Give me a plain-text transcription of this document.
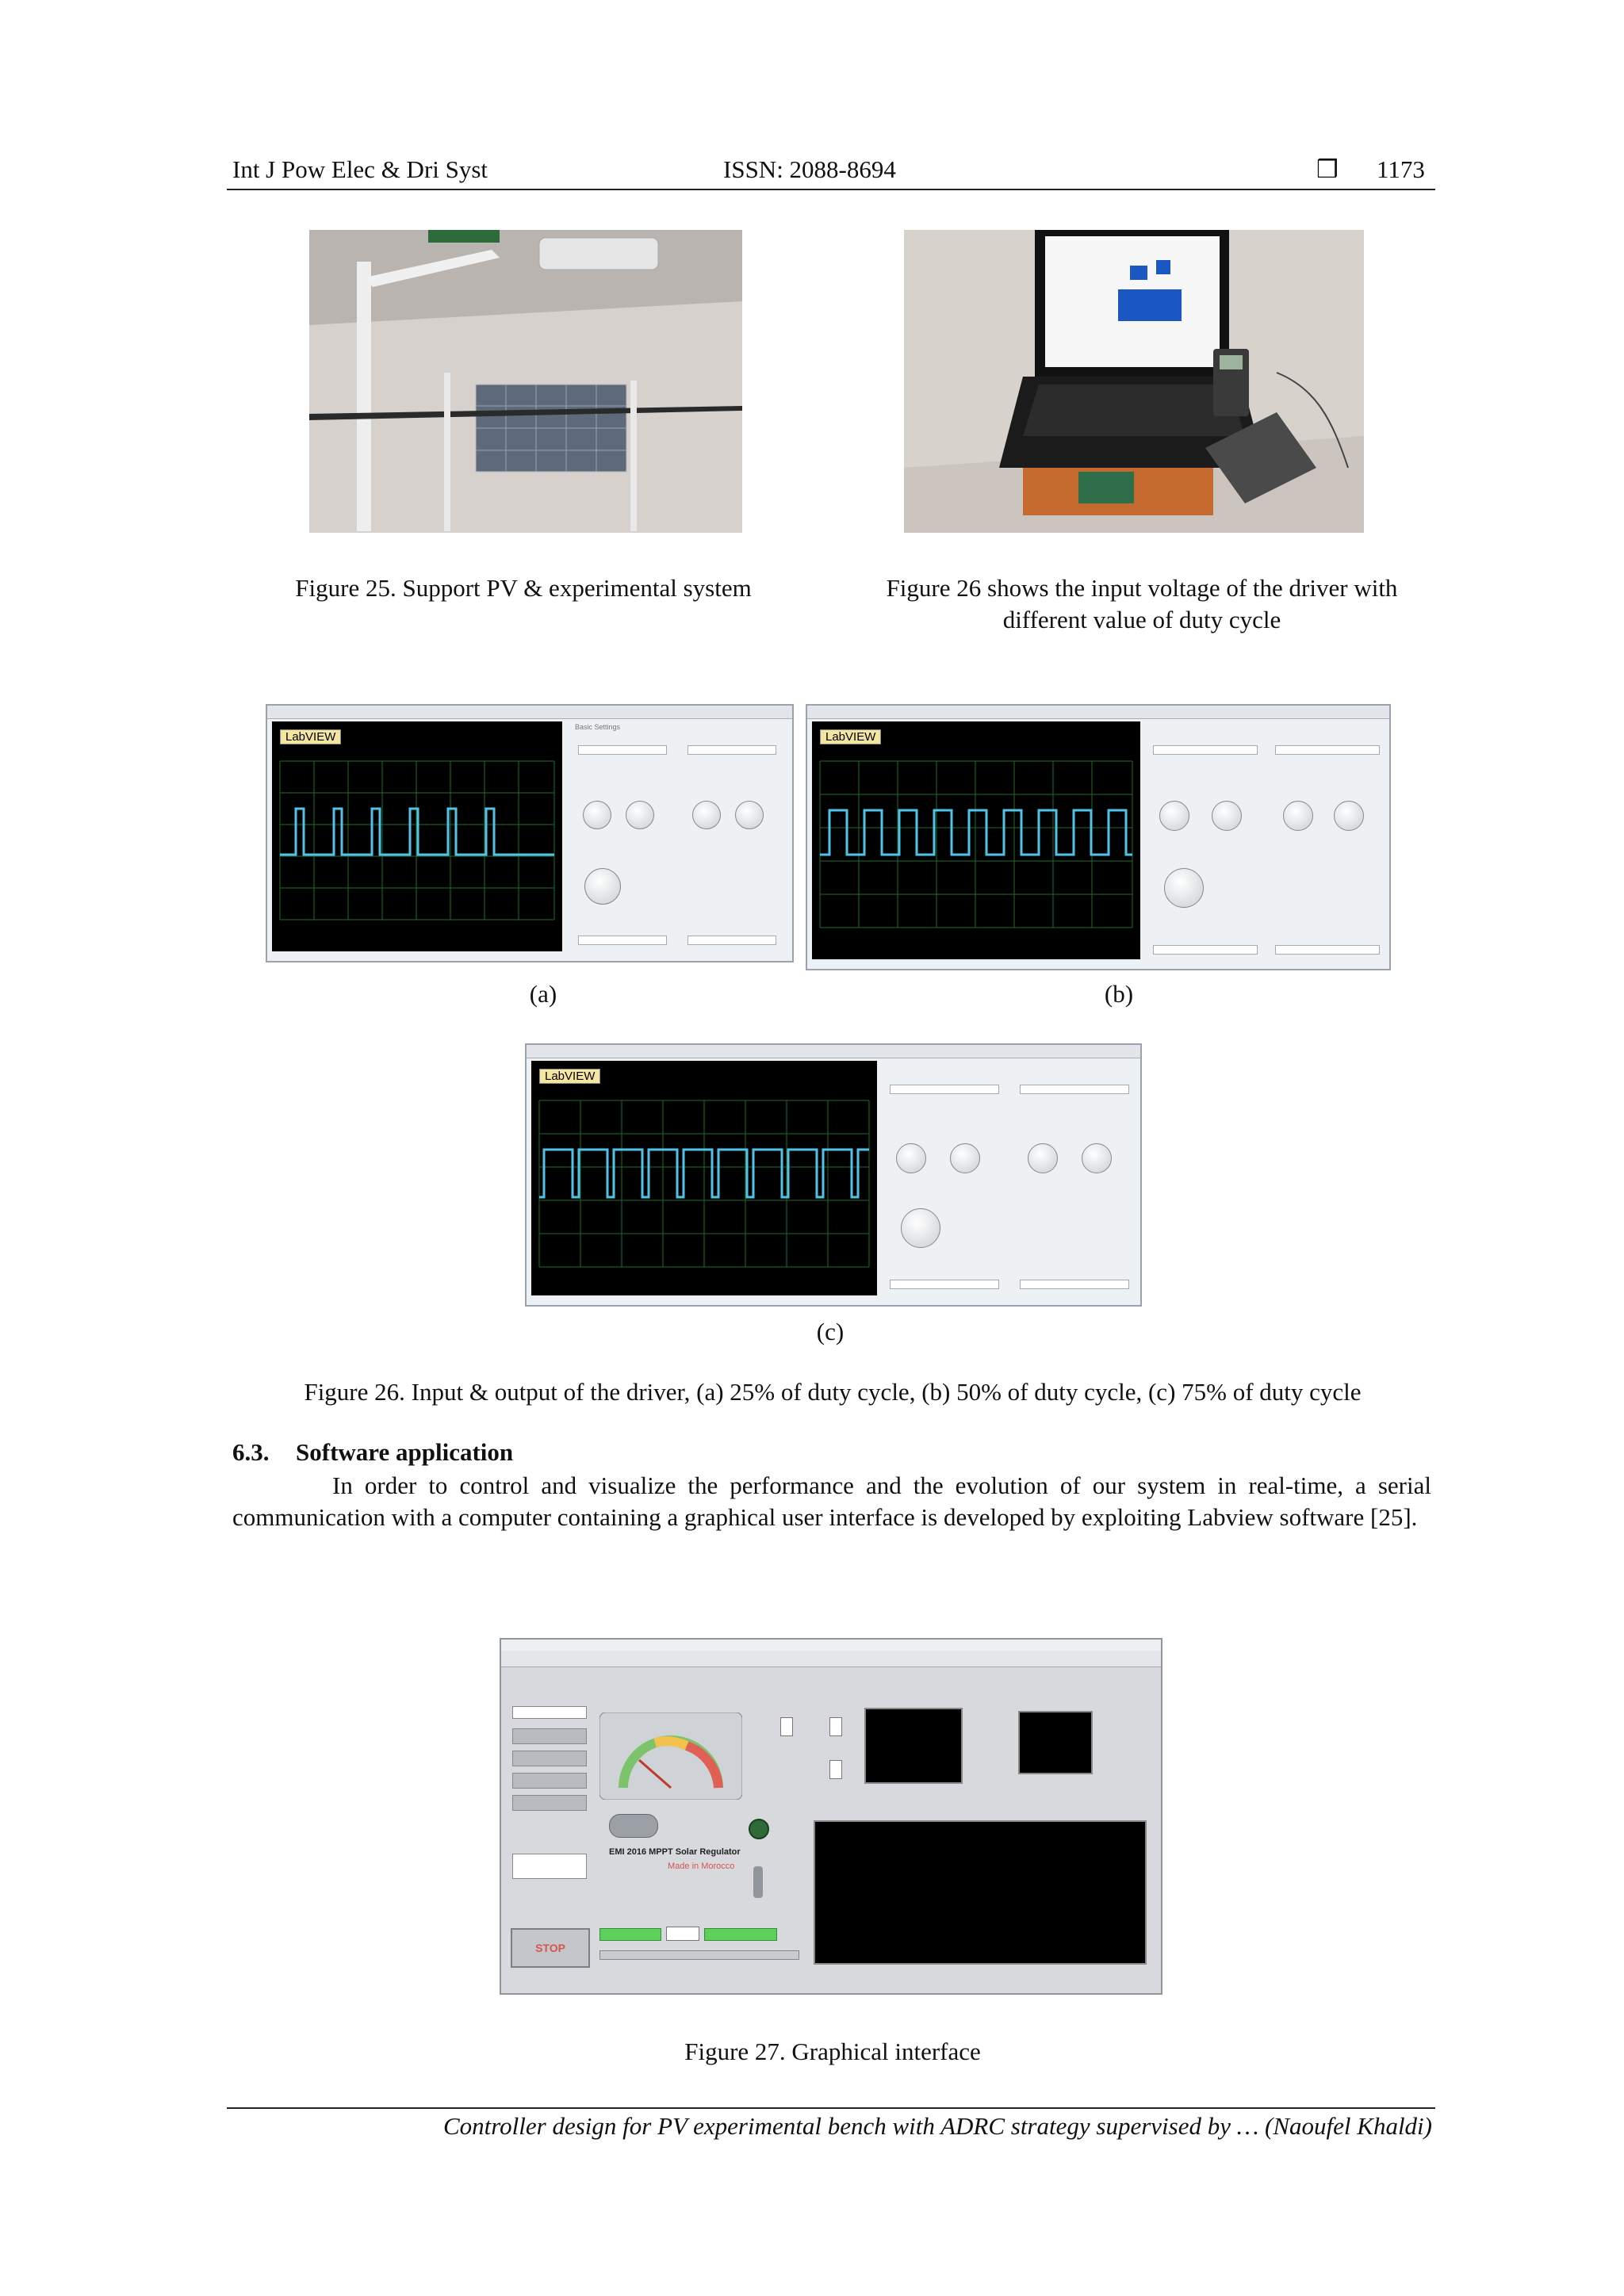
Int J Pow Elec & Dri Syst	ISSN: 2088-8694	❒ 1173
Figure 25. Support PV & experimental system	Figure 26 shows the input voltage of the driver with different value of duty cycle
LabVIEW
Basic Settings
LabVIEW
(a)	(b)
LabVIEW
(c)
Figure 26. Input & output of the driver, (a) 25% of duty cycle, (b) 50% of duty cycle, (c) 75% of duty cycle
6.3. Software application
In order to control and visualize the performance and the evolution of our system in real-time, a serial communication with a computer containing a graphical user interface is developed by exploiting Labview software [25].
STOP
EMI 2016 MPPT Solar Regulator
Made in Morocco
Figure 27. Graphical interface
Controller design for PV experimental bench with ADRC strategy supervised by … (Naoufel Khaldi)
